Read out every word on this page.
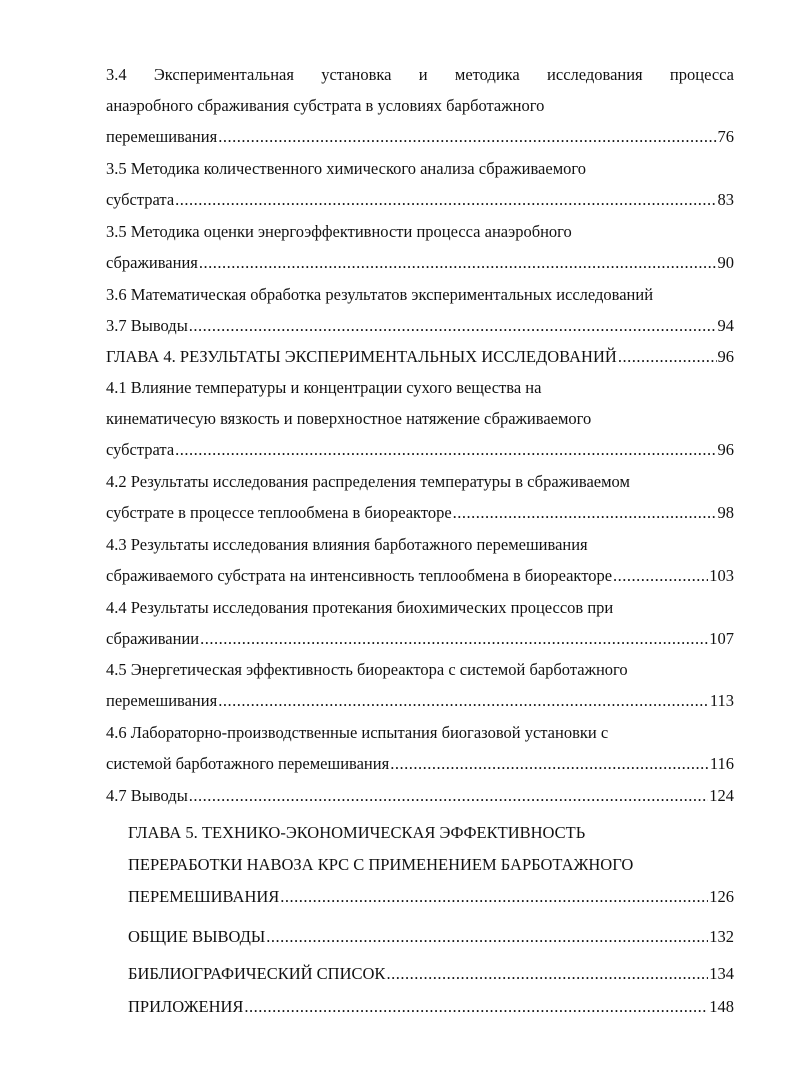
3.4 Экспериментальная установка и методика исследования процесса
анаэробного сбраживания субстрата в условиях барботажного
перемешивания .....	76
3.5 Методика количественного химического анализа сбраживаемого
субстрата .....	83
3.5 Методика оценки энергоэффективности процесса анаэробного
сбраживания .....	90
3.6 Математическая обработка результатов экспериментальных исследований
3.7 Выводы .....	94
ГЛАВА 4. РЕЗУЛЬТАТЫ ЭКСПЕРИМЕНТАЛЬНЫХ ИССЛЕДОВАНИЙ .....	96
4.1 Влияние температуры и концентрации сухого вещества на
кинематичесую вязкость и поверхностное натяжение сбраживаемого
субстрата .....	96
4.2 Результаты исследования распределения температуры в сбраживаемом
субстрате в процессе теплообмена в биореакторе .....	98
4.3 Результаты исследования влияния барботажного перемешивания
сбраживаемого субстрата на интенсивность теплообмена в биореакторе .....	103
4.4 Результаты исследования протекания биохимических процессов при
сбраживании .....	107
4.5 Энергетическая эффективность биореактора с системой барботажного
перемешивания .....	113
4.6 Лабораторно-производственные испытания биогазовой установки с
системой барботажного перемешивания .....	116
4.7 Выводы .....	124
ГЛАВА 5. ТЕХНИКО-ЭКОНОМИЧЕСКАЯ ЭФФЕКТИВНОСТЬ
ПЕРЕРАБОТКИ НАВОЗА КРС С ПРИМЕНЕНИЕМ БАРБОТАЖНОГО
ПЕРЕМЕШИВАНИЯ .....	126
ОБЩИЕ ВЫВОДЫ .....	132
БИБЛИОГРАФИЧЕСКИЙ СПИСОК .....	134
ПРИЛОЖЕНИЯ .....	148
